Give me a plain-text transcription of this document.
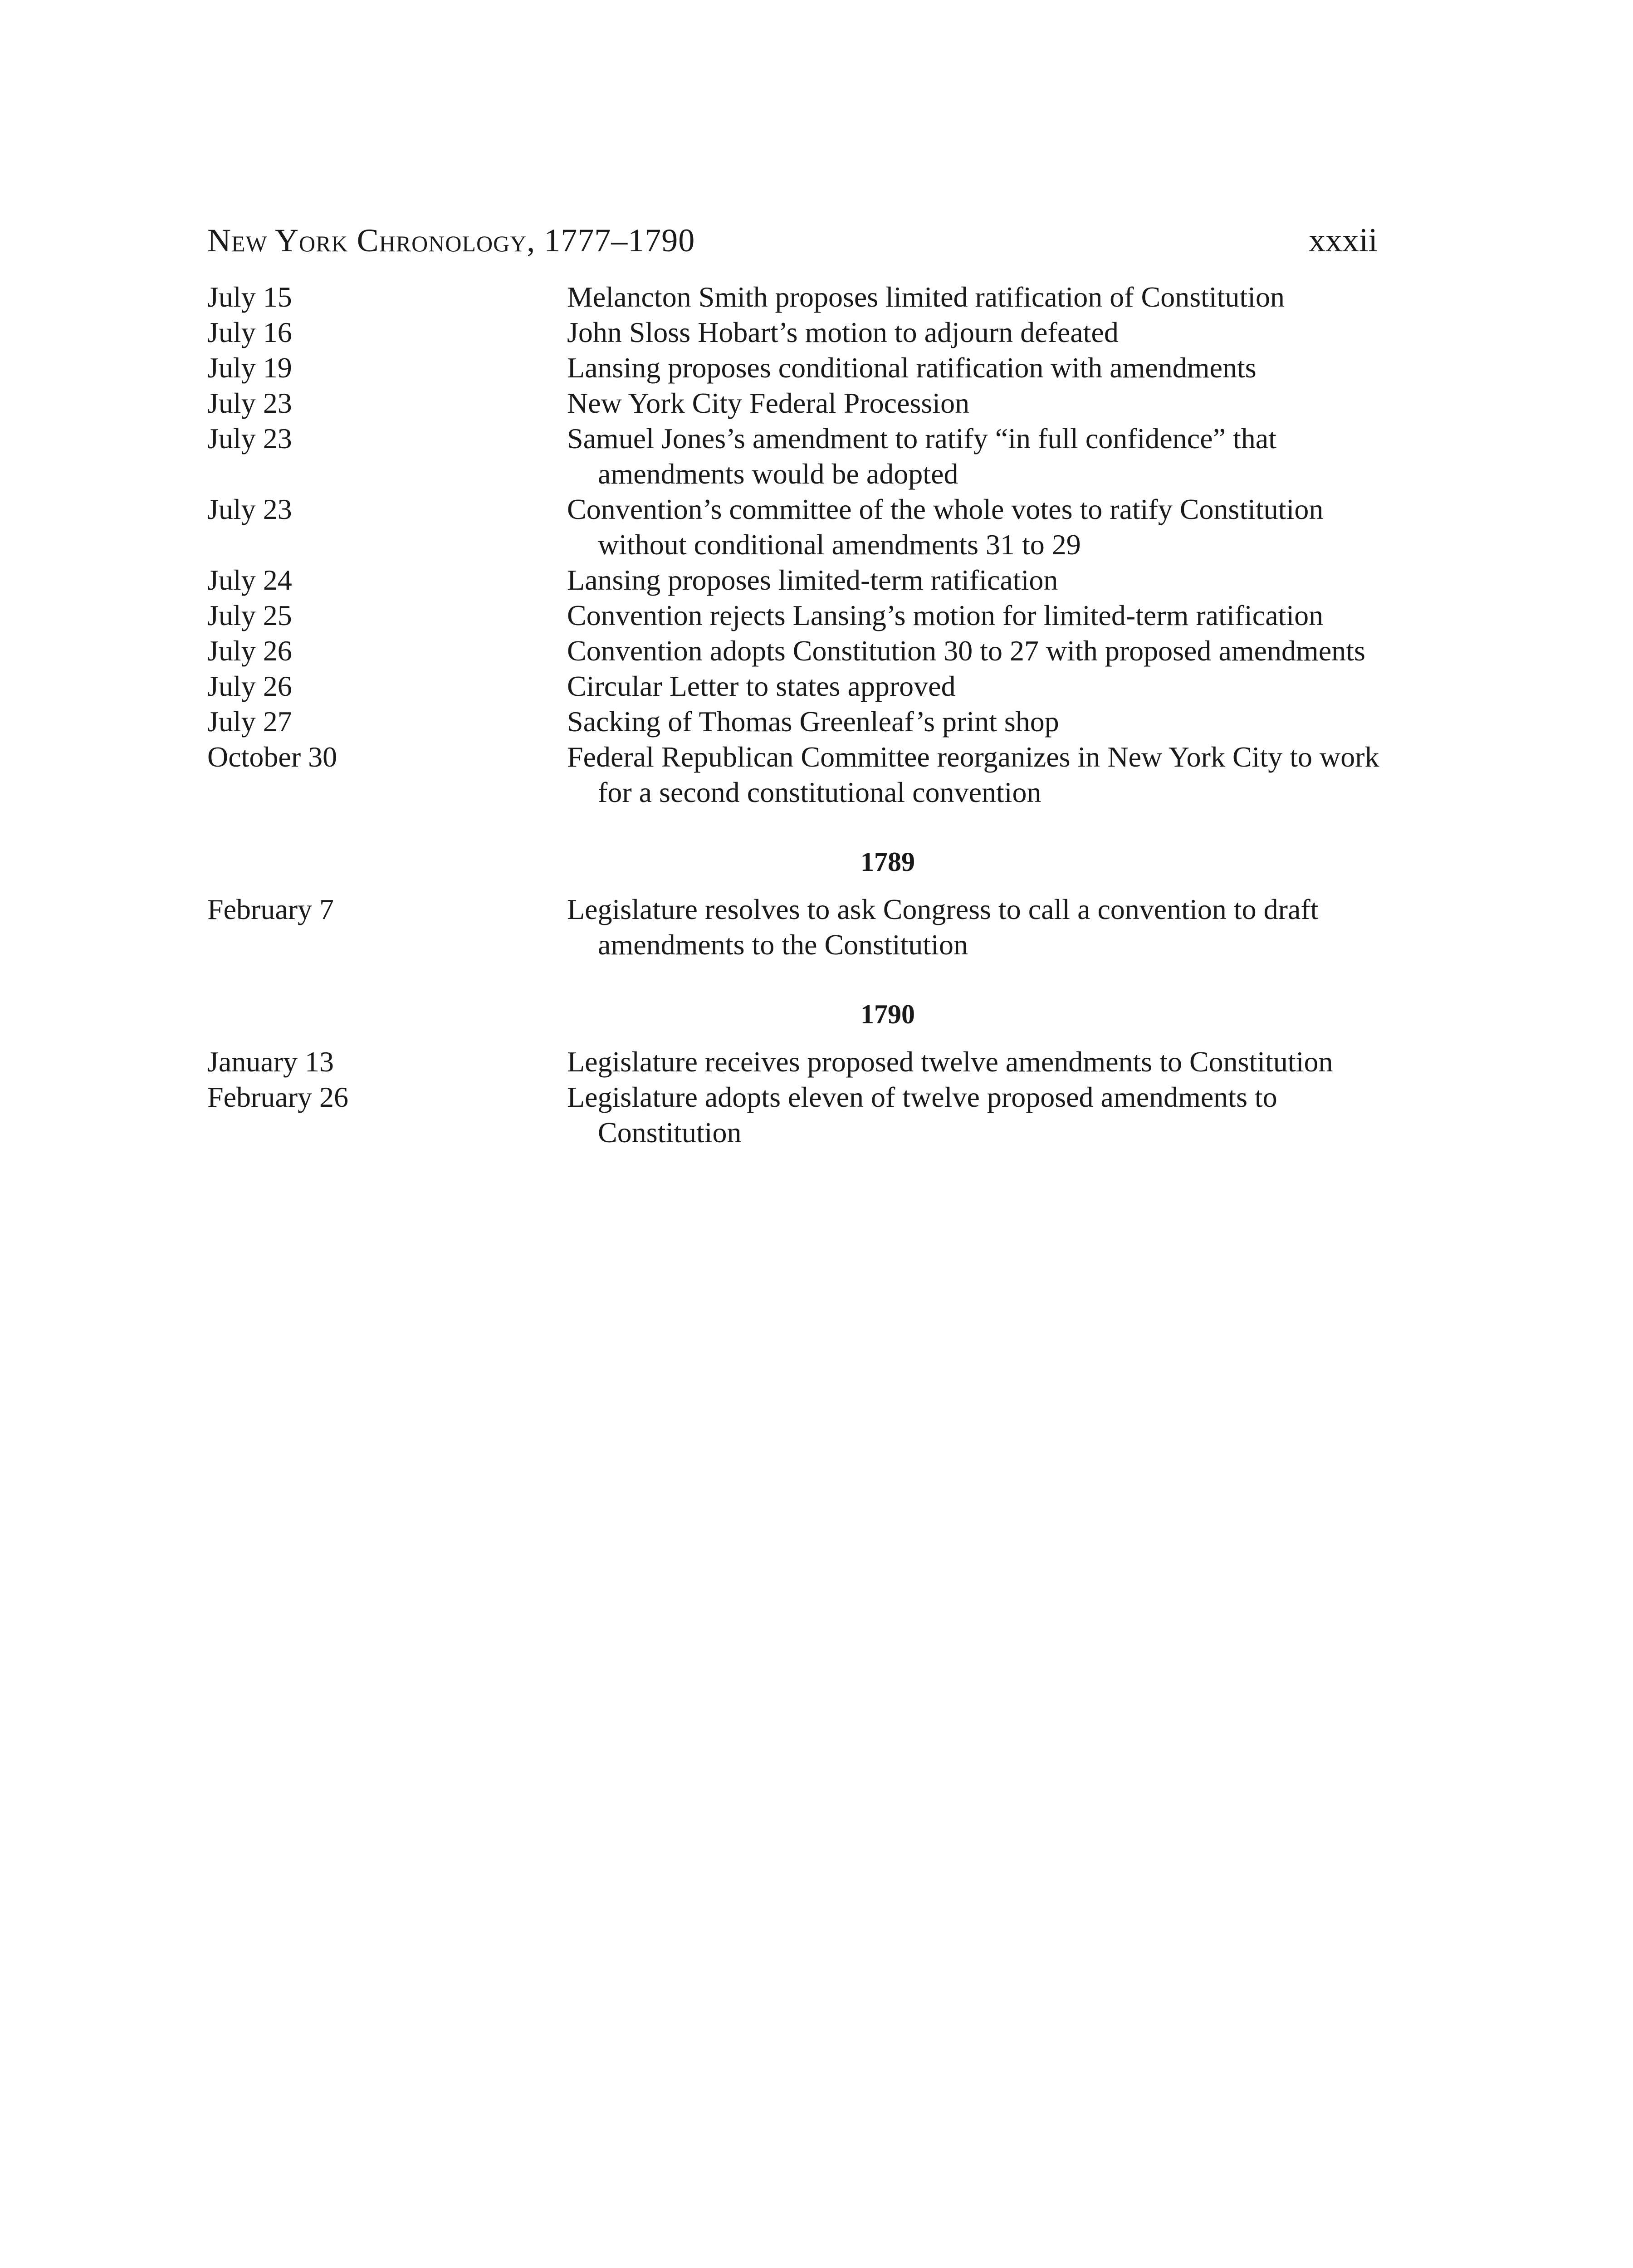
New York Chronology, 1777–1790	xxxii
July 15	Melancton Smith proposes limited ratification of Constitution
July 16	John Sloss Hobart’s motion to adjourn defeated
July 19	Lansing proposes conditional ratification with amendments
July 23	New York City Federal Procession
July 23	Samuel Jones’s amendment to ratify “in full confidence” that amendments would be adopted
July 23	Convention’s committee of the whole votes to ratify Constitution without conditional amendments 31 to 29
July 24	Lansing proposes limited-term ratification
July 25	Convention rejects Lansing’s motion for limited-term ratification
July 26	Convention adopts Constitution 30 to 27 with proposed amendments
July 26	Circular Letter to states approved
July 27	Sacking of Thomas Greenleaf’s print shop
October 30	Federal Republican Committee reorganizes in New York City to work for a second constitutional convention
1789
February 7	Legislature resolves to ask Congress to call a convention to draft amendments to the Constitution
1790
January 13	Legislature receives proposed twelve amendments to Constitution
February 26	Legislature adopts eleven of twelve proposed amendments to Constitution
